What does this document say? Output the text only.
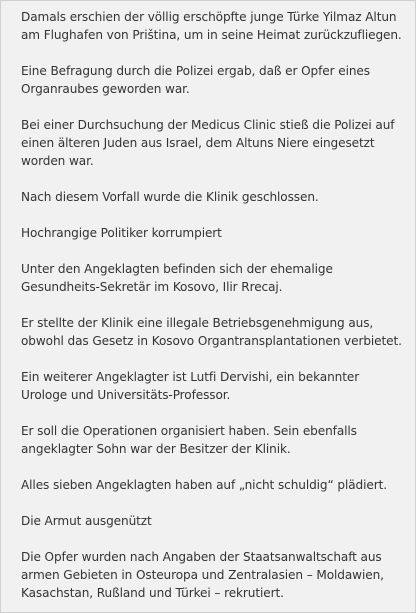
Damals erschien der völlig erschöpfte junge Türke Yilmaz Altun am Flughafen von Priština, um in seine Heimat zurückzufliegen.

Eine Befragung durch die Polizei ergab, daß er Opfer eines Organraubes geworden war.

Bei einer Durchsuchung der Medicus Clinic stieß die Polizei auf einen älteren Juden aus Israel, dem Altuns Niere eingesetzt worden war.

Nach diesem Vorfall wurde die Klinik geschlossen.

Hochrangige Politiker korrumpiert

Unter den Angeklagten befinden sich der ehemalige Gesundheits-Sekretär im Kosovo, Ilir Rrecaj.

Er stellte der Klinik eine illegale Betriebsgenehmigung aus, obwohl das Gesetz in Kosovo Organtransplantationen verbietet.

Ein weiterer Angeklagter ist Lutfi Dervishi, ein bekannter Urologe und Universitäts-Professor.

Er soll die Operationen organisiert haben. Sein ebenfalls angeklagter Sohn war der Besitzer der Klinik.

Alles sieben Angeklagten haben auf „nicht schuldig“ plädiert.

Die Armut ausgenützt

Die Opfer wurden nach Angaben der Staatsanwaltschaft aus armen Gebieten in Osteuropa und Zentralasien – Moldawien, Kasachstan, Rußland und Türkei – rekrutiert.
